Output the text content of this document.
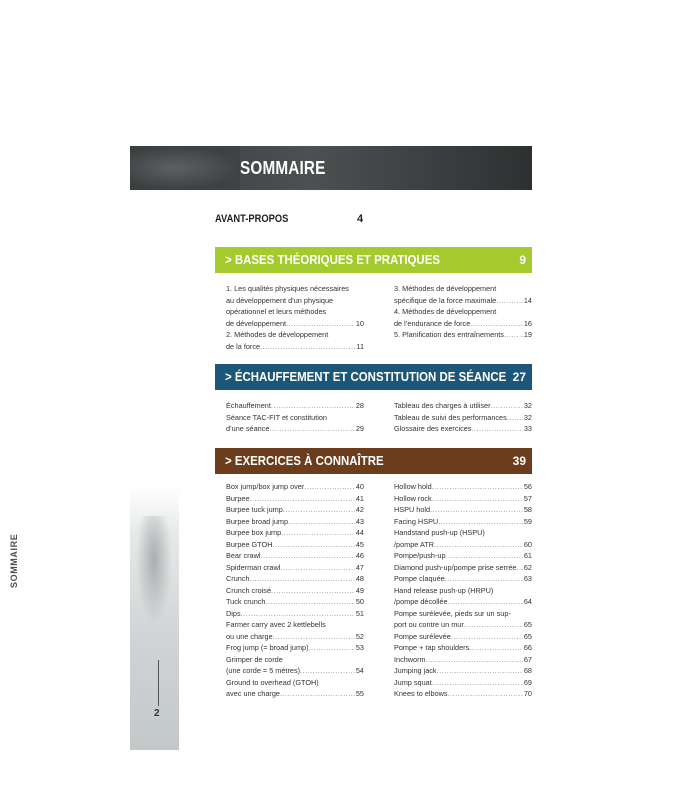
SOMMAIRE
SOMMAIRE
2
AVANT-PROPOS	4
> BASES THÉORIQUES ET PRATIQUES	9
1. Les qualités physiques nécessaires
au développement d’un physique
opérationnel et leurs méthodes
de développement .....	10
2. Méthodes de développement
de la force .....	11
3. Méthodes de développement
spécifique de la force maximale .....	14
4. Méthodes de développement
de l’endurance de force .....	16
5. Planification des entraînements .....	19
> ÉCHAUFFEMENT ET CONSTITUTION DE SÉANCE 27
Échauffement .....	28
Séance TAC-FIT et constitution
d’une séance .....	29
Tableau des charges à utiliser .....	32
Tableau de suivi des performances ..... 32
Glossaire des exercices .....	33
> EXERCICES À CONNAÎTRE	39
Box jump/box jump over .....	40
Burpee .....	41
Burpee tuck jump .....	42
Burpee broad jump .....	43
Burpee box jump .....	44
Burpee GTOH .....	45
Bear crawl .....	46
Spiderman crawl .....	47
Crunch .....	48
Crunch croisé .....	49
Tuck crunch .....	50
Dips .....	51
Farmer carry avec 2 kettlebells
ou une charge .....	52
Frog jump (= broad jump) .....	53
Grimper de corde
(une corde = 5 mètres) .....	54
Ground to overhead (GTOH)
avec une charge .....	55
Hollow hold .....	56
Hollow rock .....	57
HSPU hold .....	58
Facing HSPU .....	59
Handstand push-up (HSPU)
/pompe ATR .....	60
Pompe/push-up .....	61
Diamond push-up/pompe prise serrée ..... 62
Pompe claquée .....	63
Hand release push-up (HRPU)
/pompe décollée .....	64
Pompe surélevée, pieds sur un sup-
port ou contre un mur .....	65
Pompe surélevée .....	65
Pompe + tap shoulders .....	66
Inchworm .....	67
Jumping jack .....	68
Jump squat .....	69
Knees to elbows .....	70
